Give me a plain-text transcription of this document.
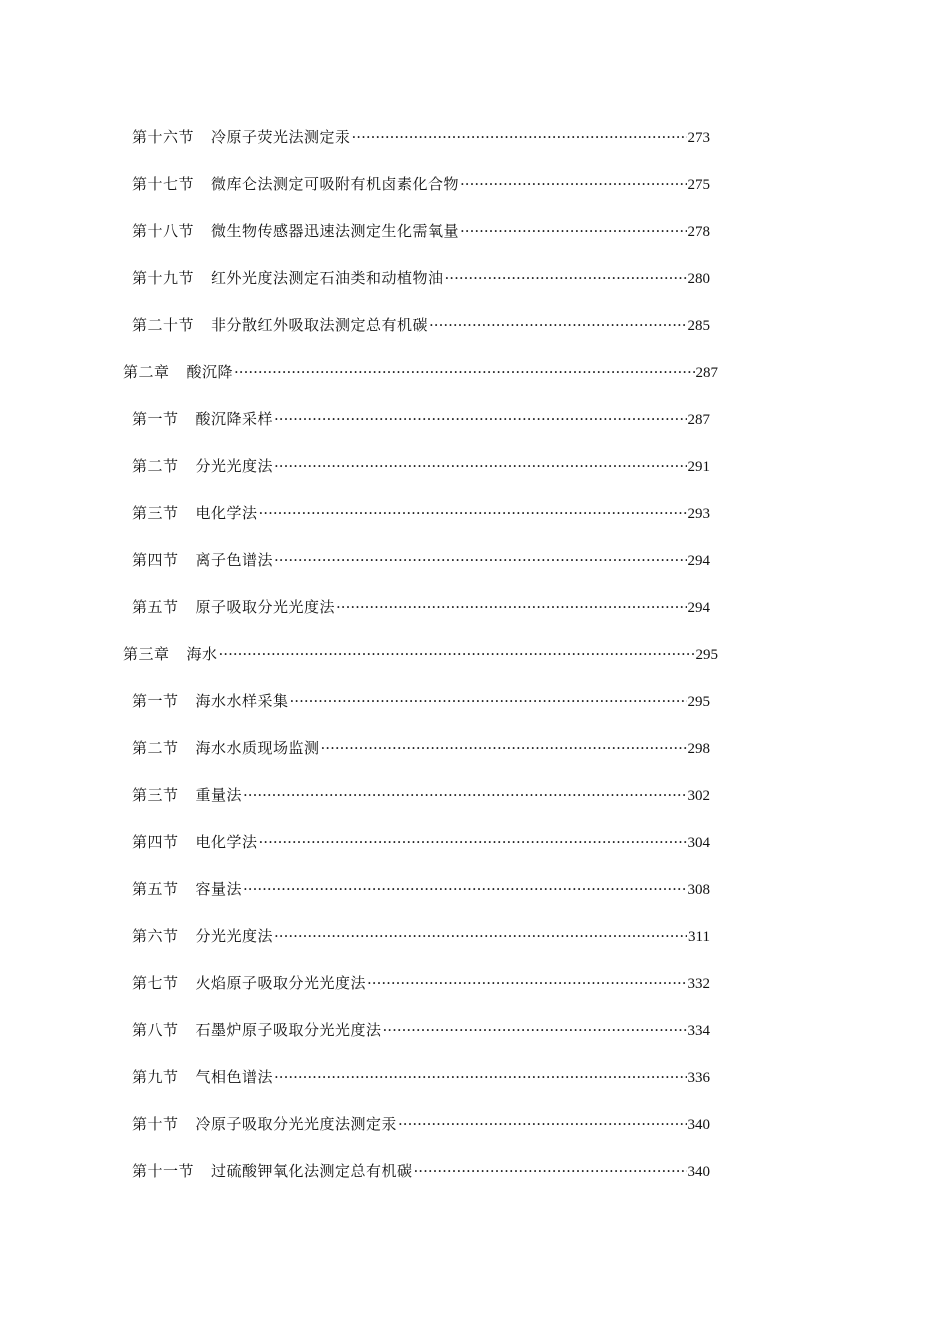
第十六节 冷原子荧光法测定汞 ·····	273
第十七节 微库仑法测定可吸附有机卤素化合物 ·····	275
第十八节 微生物传感器迅速法测定生化需氧量 ·····	278
第十九节 红外光度法测定石油类和动植物油 ·····	280
第二十节 非分散红外吸取法测定总有机碳 ·····	285
第二章 酸沉降 ·····	287
第一节 酸沉降采样 ·····	287
第二节 分光光度法 ·····	291
第三节 电化学法 ·····	293
第四节 离子色谱法 ·····	294
第五节 原子吸取分光光度法 ·····	294
第三章 海水 ·····	295
第一节 海水水样采集 ·····	295
第二节 海水水质现场监测 ·····	298
第三节 重量法 ·····	302
第四节 电化学法 ·····	304
第五节 容量法 ·····	308
第六节 分光光度法 ·····	311
第七节 火焰原子吸取分光光度法 ·····	332
第八节 石墨炉原子吸取分光光度法 ·····	334
第九节 气相色谱法 ·····	336
第十节 冷原子吸取分光光度法测定汞 ·····	340
第十一节 过硫酸钾氧化法测定总有机碳 ·····	340
